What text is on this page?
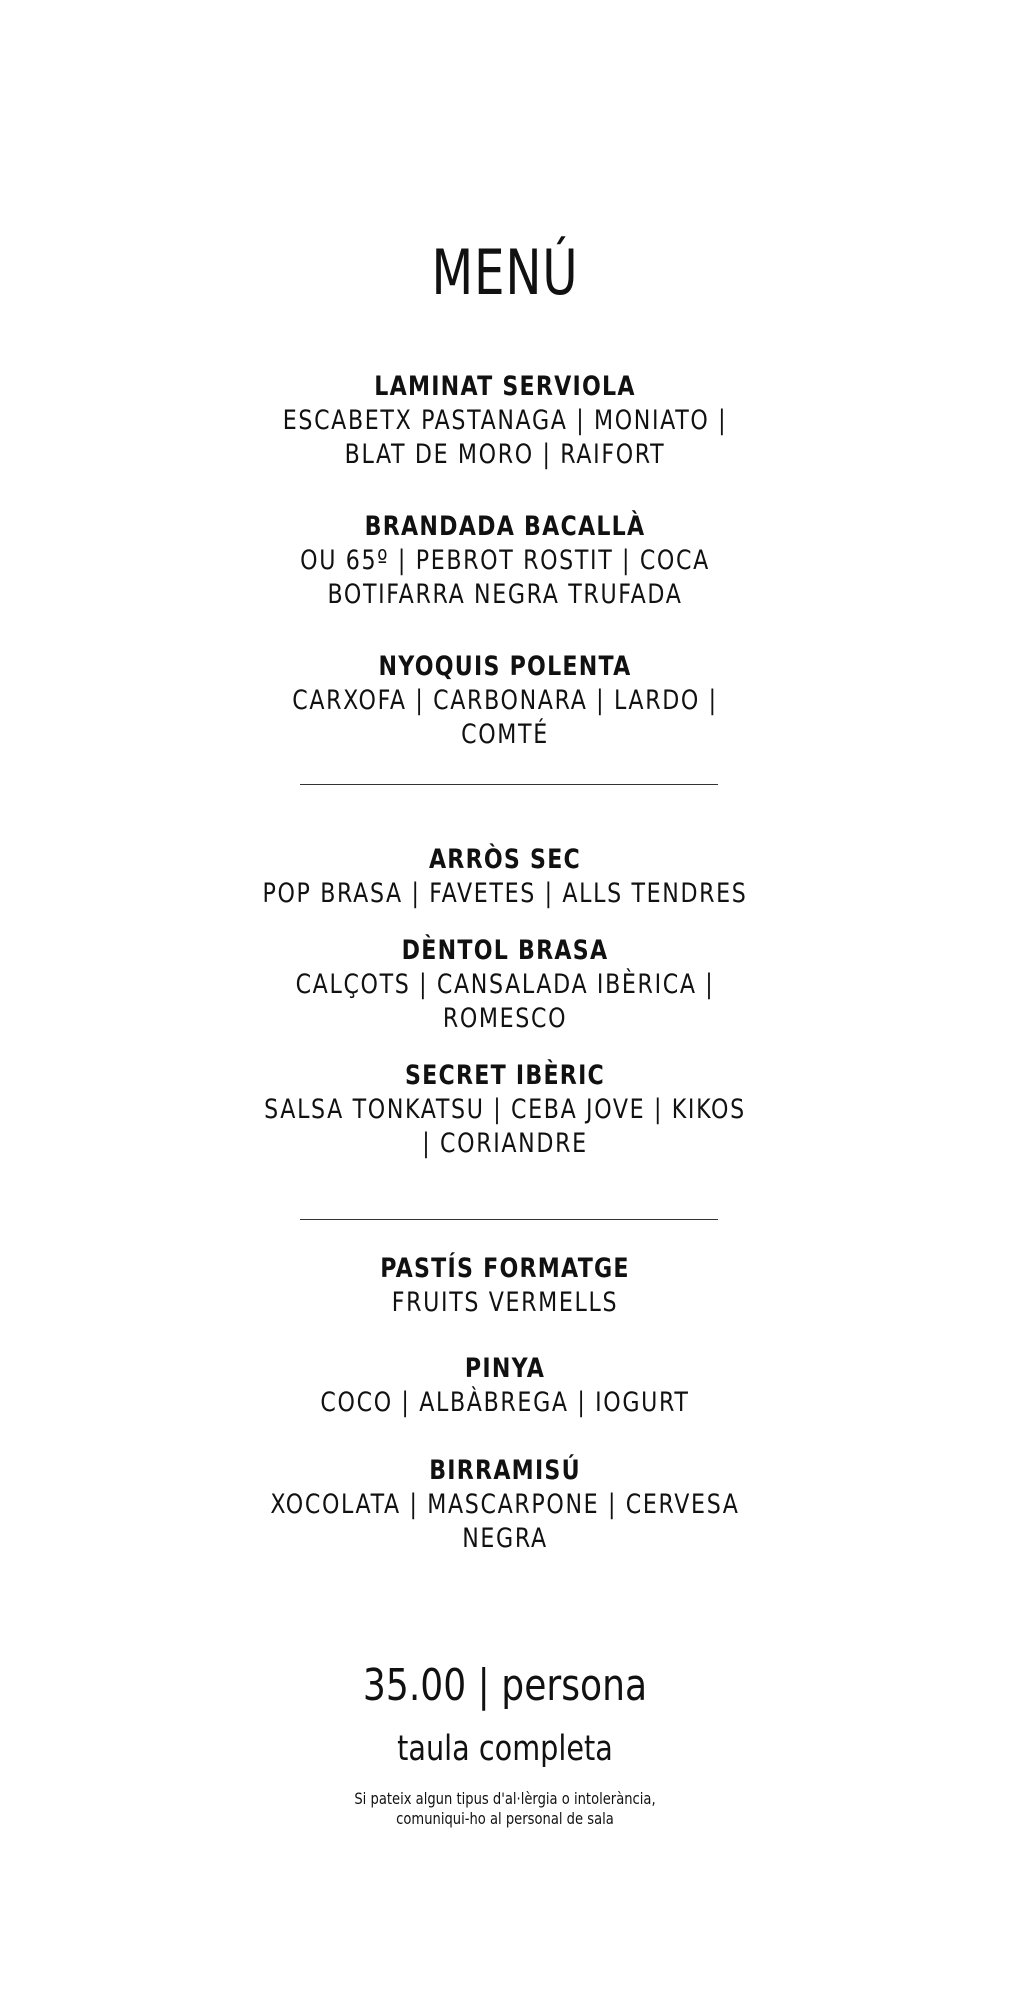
MENÚ
LAMINAT SERVIOLA
ESCABETX PASTANAGA | MONIATO | BLAT DE MORO | RAIFORT
BRANDADA BACALLÀ
OU 65º | PEBROT ROSTIT | COCA BOTIFARRA NEGRA TRUFADA
NYOQUIS POLENTA
CARXOFA | CARBONARA | LARDO | COMTÉ
ARRÒS SEC
POP BRASA | FAVETES | ALLS TENDRES
DÈNTOL BRASA
CALÇOTS | CANSALADA IBÈRICA | ROMESCO
SECRET IBÈRIC
SALSA TONKATSU | CEBA JOVE | KIKOS | CORIANDRE
PASTÍS FORMATGE
FRUITS VERMELLS
PINYA
COCO | ALBÀBREGA | IOGURT
BIRRAMISÚ
XOCOLATA | MASCARPONE | CERVESA NEGRA
35.00 | persona
taula completa
Si pateix algun tipus d'al·lèrgia o intolerància,
comuniqui-ho al personal de sala
